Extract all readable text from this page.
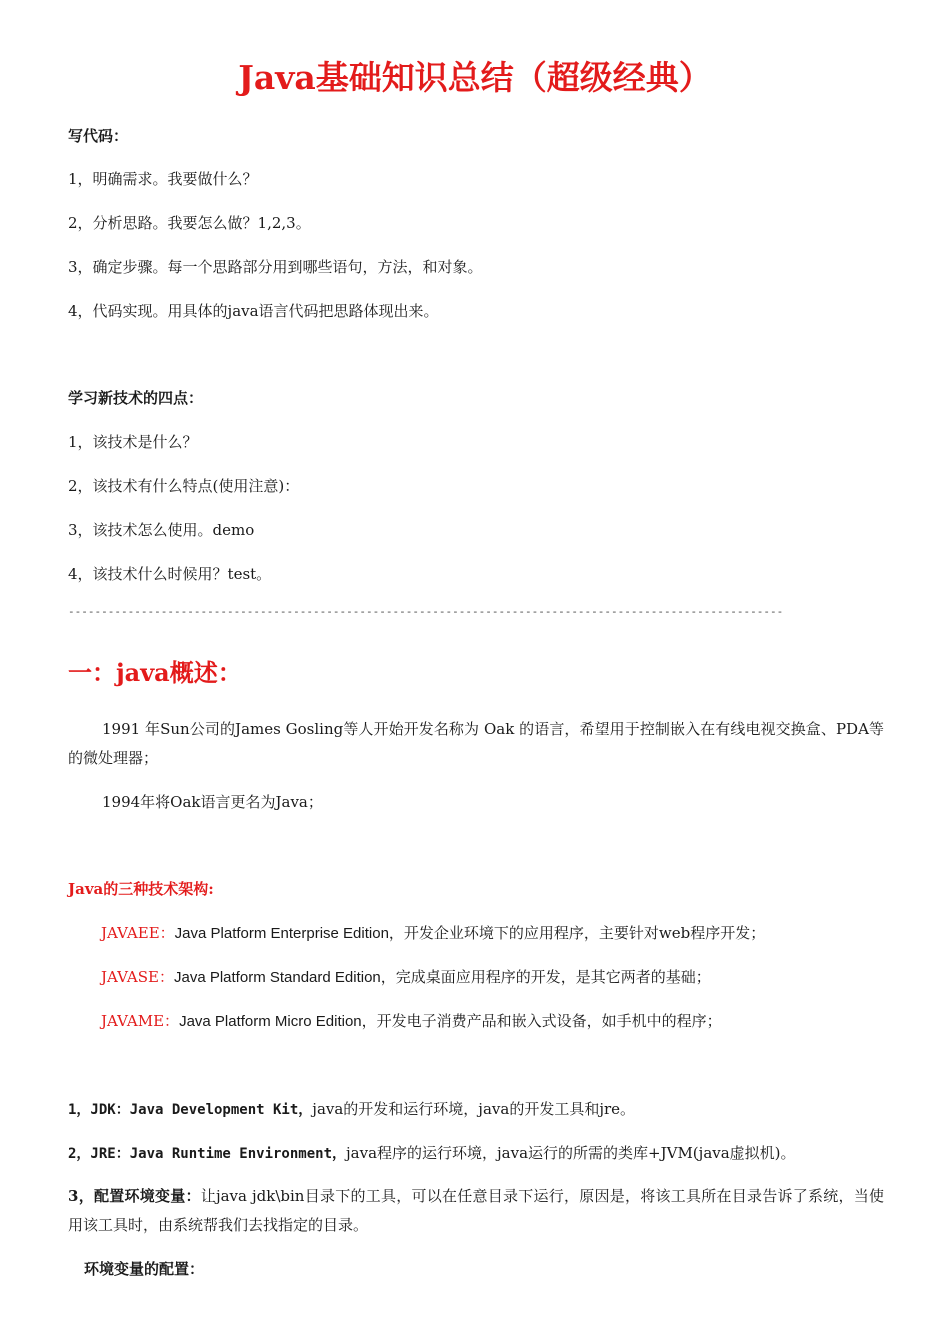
Java基础知识总结（超级经典）
写代码：
1，明确需求。我要做什么？
2，分析思路。我要怎么做？1,2,3。
3，确定步骤。每一个思路部分用到哪些语句，方法，和对象。
4，代码实现。用具体的java语言代码把思路体现出来。
学习新技术的四点：
1，该技术是什么？
2，该技术有什么特点(使用注意)：
3，该技术怎么使用。demo
4，该技术什么时候用？test。
------------------------------------------------------------------------------------------------------------
一：java概述：
1991 年Sun公司的James Gosling等人开始开发名称为 Oak 的语言，希望用于控制嵌入在有线电视交换盒、PDA等的微处理器；
1994年将Oak语言更名为Java；
Java的三种技术架构:
JAVAEE：Java Platform Enterprise Edition，开发企业环境下的应用程序，主要针对web程序开发；
JAVASE：Java Platform Standard Edition，完成桌面应用程序的开发，是其它两者的基础；
JAVAME：Java Platform Micro Edition，开发电子消费产品和嵌入式设备，如手机中的程序；
1，JDK：Java Development Kit，java的开发和运行环境，java的开发工具和jre。
2，JRE：Java Runtime Environment，java程序的运行环境，java运行的所需的类库+JVM(java虚拟机)。
3，配置环境变量：让java jdk\bin目录下的工具，可以在任意目录下运行，原因是，将该工具所在目录告诉了系统，当使用该工具时，由系统帮我们去找指定的目录。
环境变量的配置：
